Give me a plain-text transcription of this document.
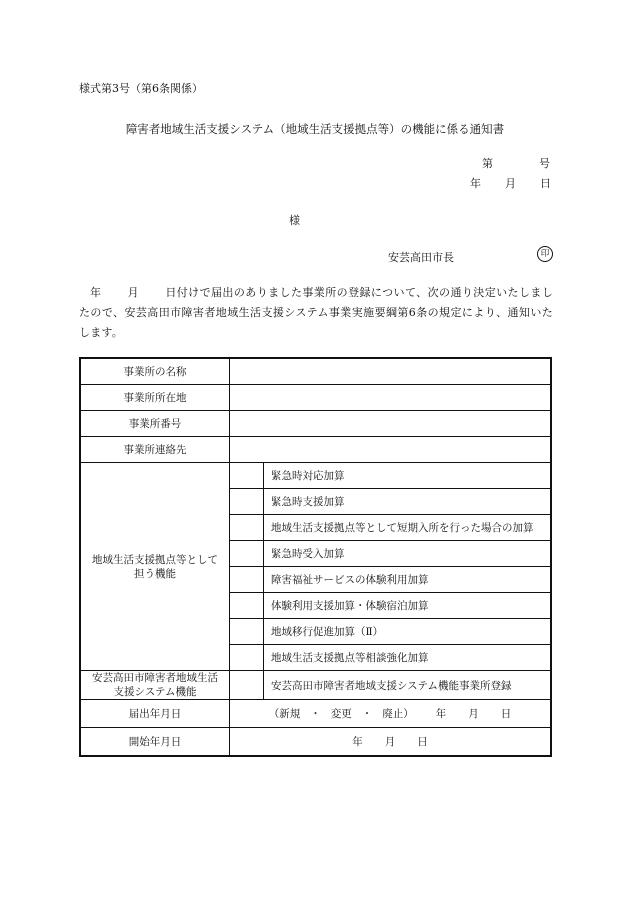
様式第3号（第6条関係）
障害者地域生活支援システム（地域生活支援拠点等）の機能に係る通知書
第	号
年 月 日
様
安芸高田市長	印
年 月 日付けで届出のありました事業所の登録について、次の通り決定いたしましたので、安芸高田市障害者地域生活支援システム事業実施要綱第6条の規定により、通知いたします。
事業所の名称		
事業所所在地		
事業所番号		
事業所連絡先		
地域生活支援拠点等として担う機能		緊急時対応加算
		緊急時支援加算
		地域生活支援拠点等として短期入所を行った場合の加算
		緊急時受入加算
		障害福祉サービスの体験利用加算
		体験利用支援加算・体験宿泊加算
		地域移行促進加算（Ⅱ）
		地域生活支援拠点等相談強化加算
安芸高田市障害者地域生活支援システム機能		安芸高田市障害者地域支援システム機能事業所登録
届出年月日	（新規 ・ 変更 ・ 廃止） 年 月 日	
開始年月日	年 月 日	
